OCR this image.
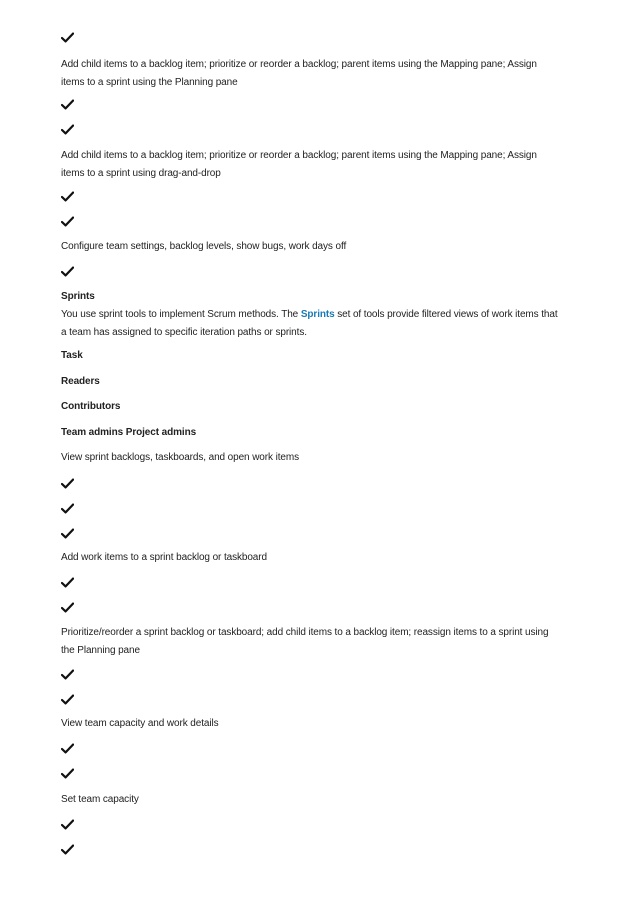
Add child items to a backlog item; prioritize or reorder a backlog; parent items using the Mapping pane; Assign items to a sprint using the Planning pane
Add child items to a backlog item; prioritize or reorder a backlog; parent items using the Mapping pane; Assign items to a sprint using drag-and-drop
Configure team settings, backlog levels, show bugs, work days off
Sprints
You use sprint tools to implement Scrum methods. The Sprints set of tools provide filtered views of work items that a team has assigned to specific iteration paths or sprints.
Task
Readers
Contributors
Team admins Project admins
View sprint backlogs, taskboards, and open work items
Add work items to a sprint backlog or taskboard
Prioritize/reorder a sprint backlog or taskboard; add child items to a backlog item; reassign items to a sprint using the Planning pane
View team capacity and work details
Set team capacity
